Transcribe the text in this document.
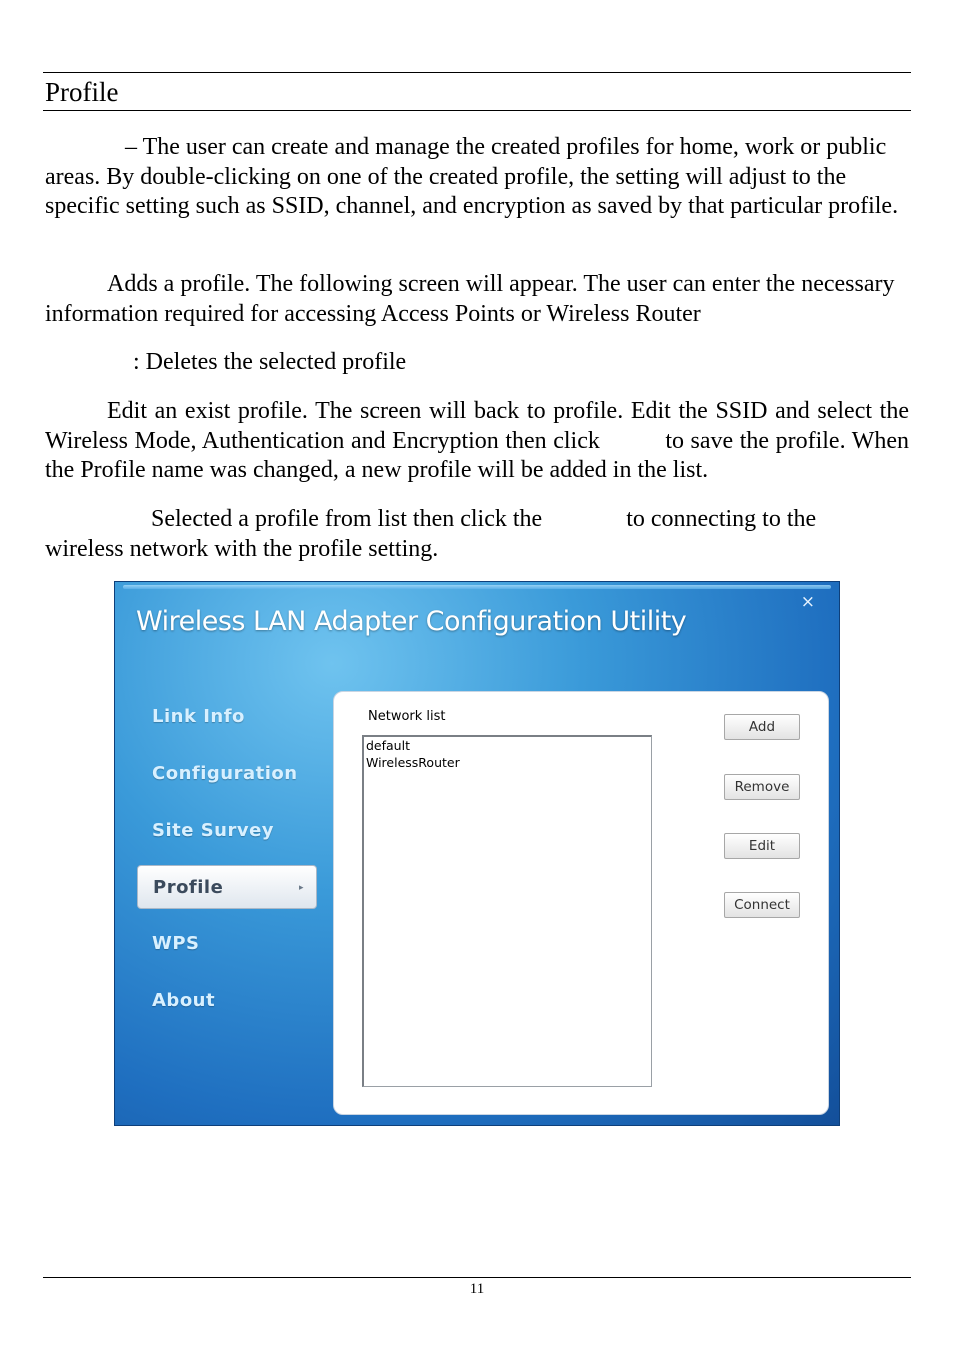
Profile

– The user can create and manage the created profiles for home, work or public areas. By double-clicking on one of the created profile, the setting will adjust to the specific setting such as SSID, channel, and encryption as saved by that particular profile.

Adds a profile. The following screen will appear. The user can enter the necessary information required for accessing Access Points or Wireless Router

: Deletes the selected profile

Edit an exist profile. The screen will back to profile. Edit the SSID and select the Wireless Mode, Authentication and Encryption then click          to save the profile. When the Profile name was changed, a new profile will be added in the list.

Selected a profile from list then click the              to connecting to the wireless network with the profile setting.

Wireless LAN Adapter Configuration Utility
×
Link Info
Configuration
Site Survey
Profile	▸
WPS
About
Network list
default
WirelessRouter
Add
Remove
Edit
Connect
11
